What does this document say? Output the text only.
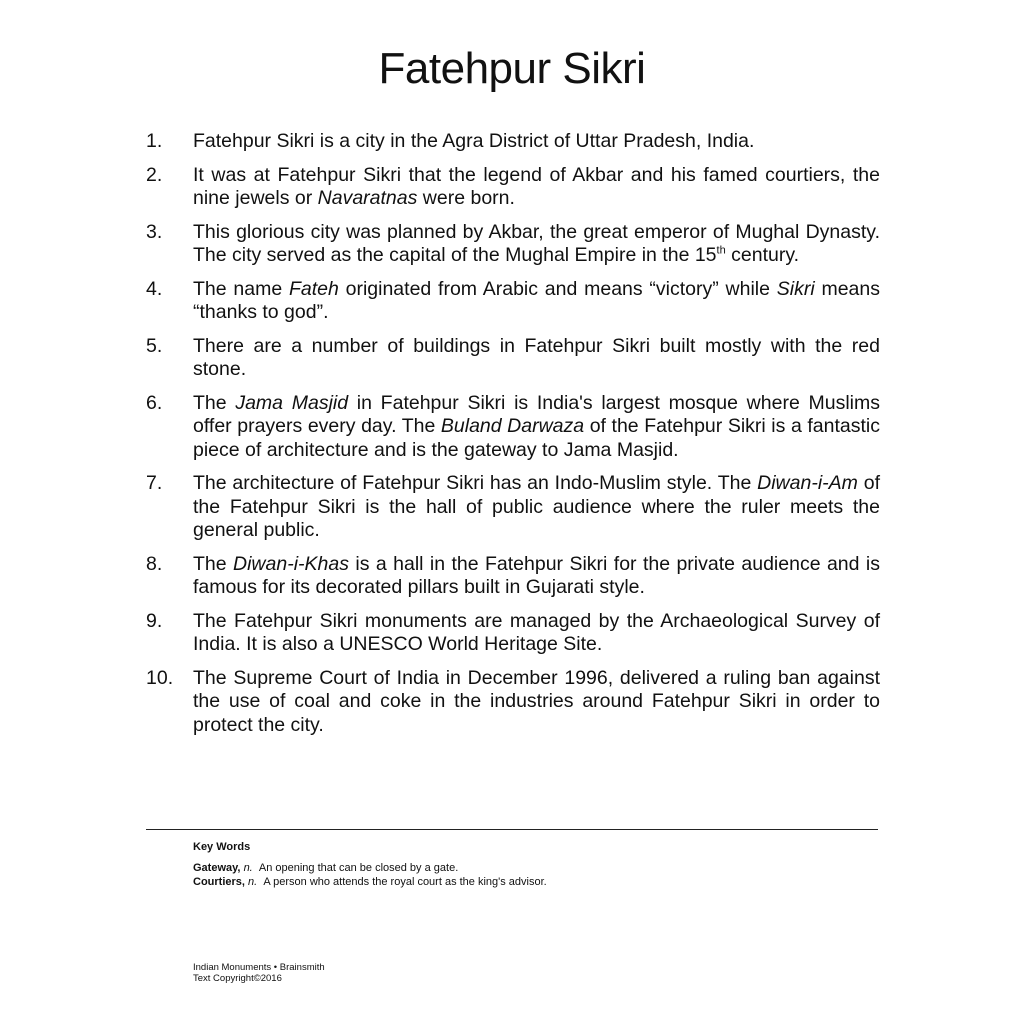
Fatehpur Sikri
1.	Fatehpur Sikri is a city in the Agra District of Uttar Pradesh, India.
2.	It was at Fatehpur Sikri that the legend of Akbar and his famed courtiers, the nine jewels or Navaratnas were born.
3.	This glorious city was planned by Akbar, the great emperor of Mughal Dynasty. The city served as the capital of the Mughal Empire in the 15th century.
4.	The name Fateh originated from Arabic and means “victory” while Sikri means “thanks to god”.
5.	There are a number of buildings in Fatehpur Sikri built mostly with the red stone.
6.	The Jama Masjid in Fatehpur Sikri is India's largest mosque where Muslims offer prayers every day. The Buland Darwaza of the Fatehpur Sikri is a fantastic piece of architecture and is the gateway to Jama Masjid.
7.	The architecture of Fatehpur Sikri has an Indo-Muslim style. The Diwan-i-Am of the Fatehpur Sikri is the hall of public audience where the ruler meets the general public.
8.	The Diwan-i-Khas is a hall in the Fatehpur Sikri for the private audience and is famous for its decorated pillars built in Gujarati style.
9.	The Fatehpur Sikri monuments are managed by the Archaeological Survey of India. It is also a UNESCO World Heritage Site.
10.	The Supreme Court of India in December 1996, delivered a ruling ban against the use of coal and coke in the industries around Fatehpur Sikri in order to protect the city.
Key Words
Gateway, n. An opening that can be closed by a gate.
Courtiers, n. A person who attends the royal court as the king's advisor.
Indian Monuments • Brainsmith
Text Copyright©2016
